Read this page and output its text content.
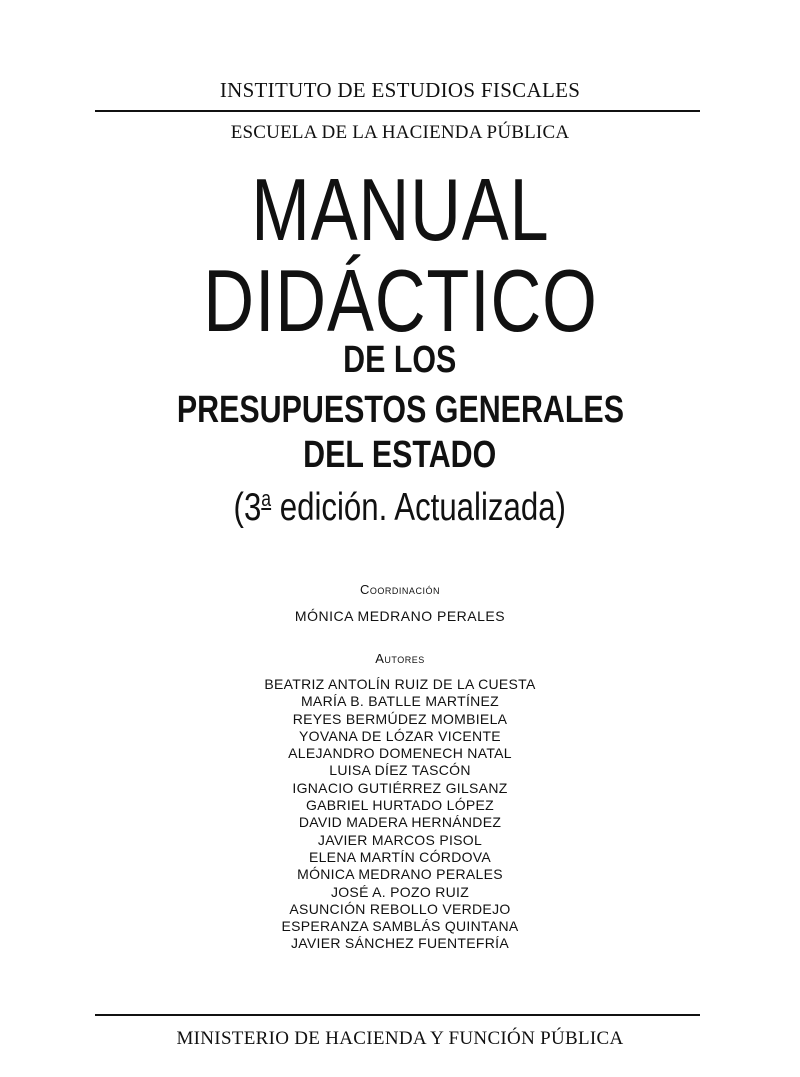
INSTITUTO DE ESTUDIOS FISCALES
ESCUELA DE LA HACIENDA PÚBLICA
MANUAL
DIDÁCTICO
DE LOS
PRESUPUESTOS GENERALES
DEL ESTADO
(3$^a$ edición. Actualizada)
Coordinación
MÓNICA MEDRANO PERALES
Autores
BEATRIZ ANTOLÍN RUIZ DE LA CUESTA
MARÍA B. BATLLE MARTÍNEZ
REYES BERMÚDEZ MOMBIELA
YOVANA DE LÓZAR VICENTE
ALEJANDRO DOMENECH NATAL
LUISA DÍEZ TASCÓN
IGNACIO GUTIÉRREZ GILSANZ
GABRIEL HURTADO LÓPEZ
DAVID MADERA HERNÁNDEZ
JAVIER MARCOS PISOL
ELENA MARTÍN CÓRDOVA
MÓNICA MEDRANO PERALES
JOSÉ A. POZO RUIZ
ASUNCIÓN REBOLLO VERDEJO
ESPERANZA SAMBLÁS QUINTANA
JAVIER SÁNCHEZ FUENTEFRÍA
MINISTERIO DE HACIENDA Y FUNCIÓN PÚBLICA
